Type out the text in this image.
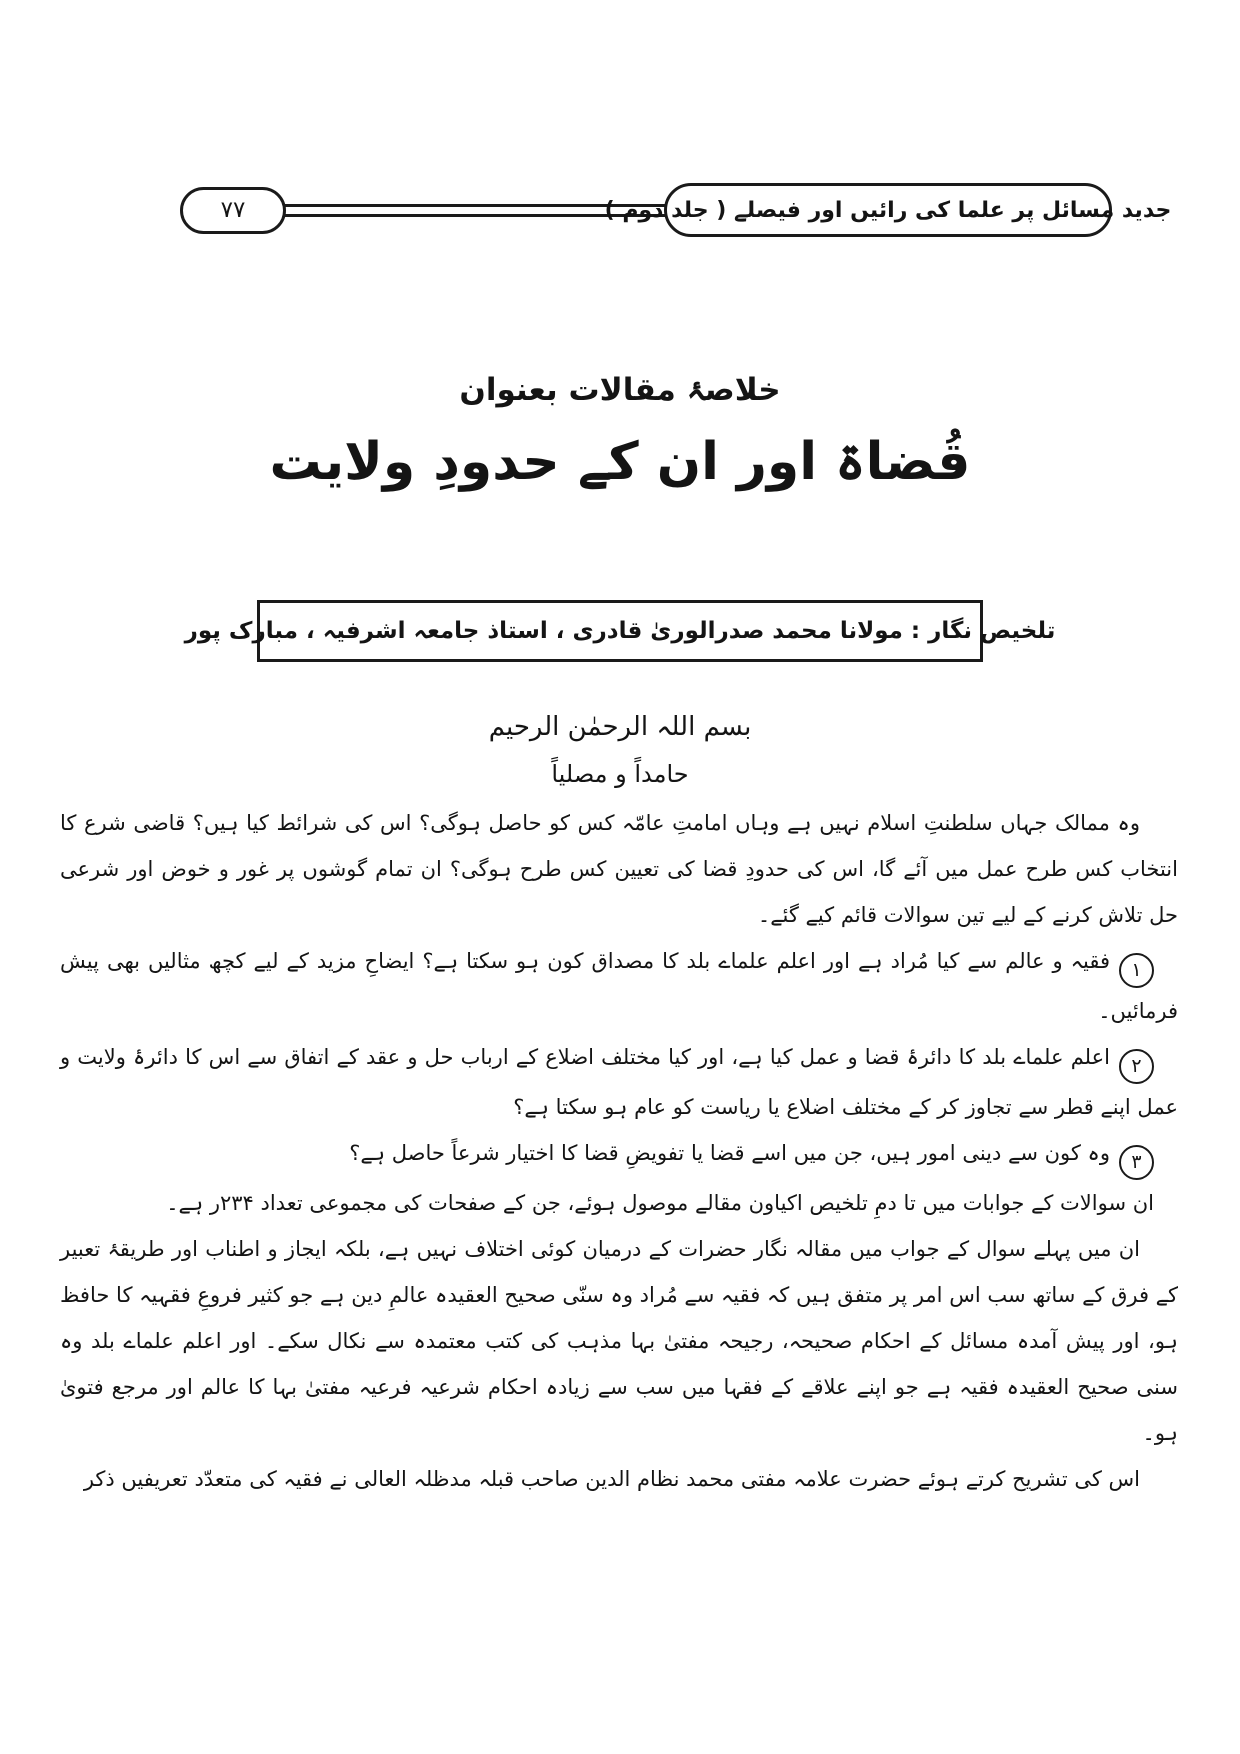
۷۷	جدید مسائل پر علما کی رائیں اور فیصلے ( جلد دوم )
خلاصۂ مقالات بعنوان
قُضاۃ اور ان کے حدودِ ولایت
تلخیص نگار : مولانا محمد صدرالوریٰ قادری ، استاذ جامعہ اشرفیہ ، مبارک پور
بسم اللہ الرحمٰن الرحیم
حامداً و مصلیاً

وہ ممالک جہاں سلطنتِ اسلام نہیں ہے وہاں امامتِ عامّہ کس کو حاصل ہوگی؟ اس کی شرائط کیا ہیں؟ قاضی شرع کا انتخاب کس طرح عمل میں آئے گا، اس کی حدودِ قضا کی تعیین کس طرح ہوگی؟ ان تمام گوشوں پر غور و خوض اور شرعی حل تلاش کرنے کے لیے تین سوالات قائم کیے گئے۔

۱فقیہ و عالم سے کیا مُراد ہے اور اعلم علماے بلد کا مصداق کون ہو سکتا ہے؟ ایضاحِ مزید کے لیے کچھ مثالیں بھی پیش فرمائیں۔

۲اعلم علماے بلد کا دائرۂ قضا و عمل کیا ہے، اور کیا مختلف اضلاع کے ارباب حل و عقد کے اتفاق سے اس کا دائرۂ ولایت و عمل اپنے قطر سے تجاوز کر کے مختلف اضلاع یا ریاست کو عام ہو سکتا ہے؟

۳وہ کون سے دینی امور ہیں، جن میں اسے قضا یا تفویضِ قضا کا اختیار شرعاً حاصل ہے؟

ان سوالات کے جوابات میں تا دمِ تلخیص اکیاون مقالے موصول ہوئے، جن کے صفحات کی مجموعی تعداد ۲۳۴ر ہے۔

ان میں پہلے سوال کے جواب میں مقالہ نگار حضرات کے درمیان کوئی اختلاف نہیں ہے، بلکہ ایجاز و اطناب اور طریقۂ تعبیر کے فرق کے ساتھ سب اس امر پر متفق ہیں کہ فقیہ سے مُراد وہ سنّی صحیح العقیدہ عالمِ دین ہے جو کثیر فروعِ فقہیہ کا حافظ ہو، اور پیش آمدہ مسائل کے احکام صحیحہ، رجیحہ مفتیٰ بہا مذہب کی کتب معتمدہ سے نکال سکے۔ اور اعلم علماے بلد وہ سنی صحیح العقیدہ فقیہ ہے جو اپنے علاقے کے فقہا میں سب سے زیادہ احکام شرعیہ فرعیہ مفتیٰ بہا کا عالم اور مرجع فتویٰ ہو۔

اس کی تشریح کرتے ہوئے حضرت علامہ مفتی محمد نظام الدین صاحب قبلہ مدظلہ العالی نے فقیہ کی متعدّد تعریفیں ذکر
